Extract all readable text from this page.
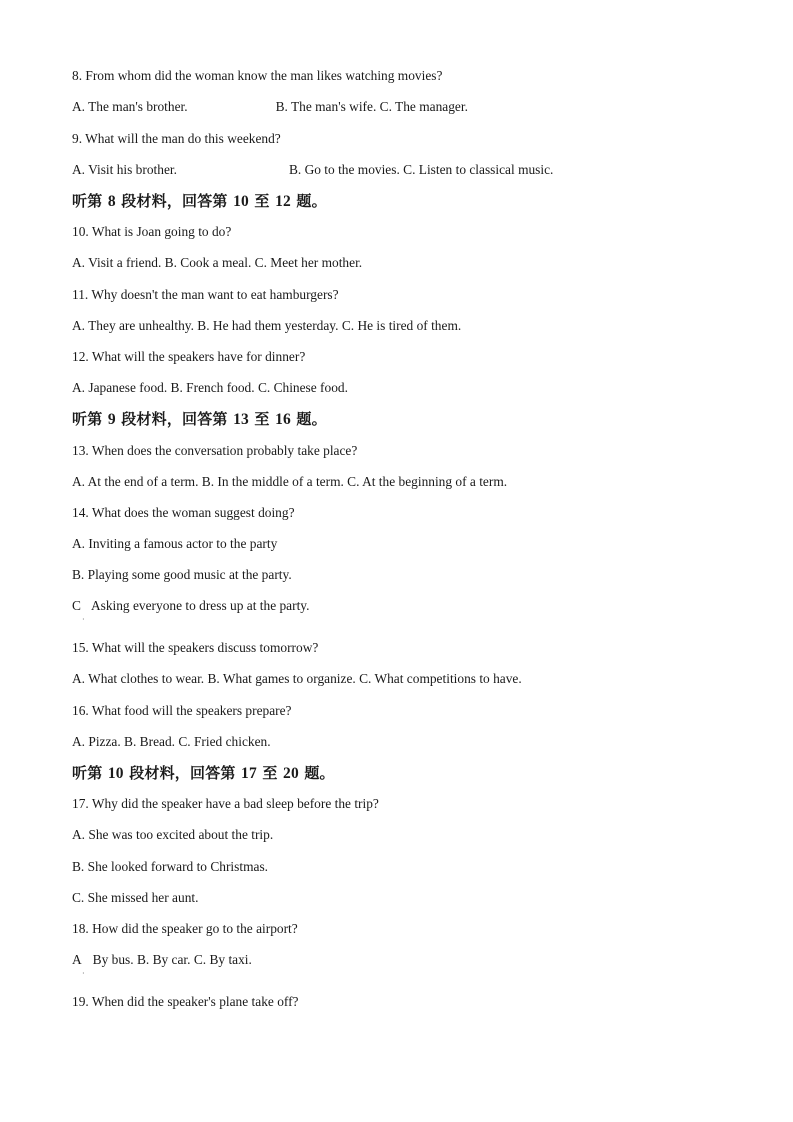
8. From whom did the woman know the man likes watching movies?
A. The man's brother.	B. The man's wife. C. The manager.
9. What will the man do this weekend?
A. Visit his brother.	B. Go to the movies. C. Listen to classical music.
听第 8 段材料，回答第 10 至 12 题。
10. What is Joan going to do?
A. Visit a friend. B. Cook a meal. C. Meet her mother.
11. Why doesn't the man want to eat hamburgers?
A. They are unhealthy. B. He had them yesterday. C. He is tired of them.
12. What will the speakers have for dinner?
A. Japanese food. B. French food. C. Chinese food.
听第 9 段材料，回答第 13 至 16 题。
13. When does the conversation probably take place?
A. At the end of a term. B. In the middle of a term. C. At the beginning of a term.
14. What does the woman suggest doing?
A. Inviting a famous actor to the party
B. Playing some good music at the party.
C Asking everyone to dress up at the party.
·
15. What will the speakers discuss tomorrow?
A. What clothes to wear. B. What games to organize. C. What competitions to have.
16. What food will the speakers prepare?
A. Pizza. B. Bread. C. Fried chicken.
听第 10 段材料，回答第 17 至 20 题。
17. Why did the speaker have a bad sleep before the trip?
A. She was too excited about the trip.
B. She looked forward to Christmas.
C. She missed her aunt.
18. How did the speaker go to the airport?
A By bus. B. By car. C. By taxi.
·
19. When did the speaker's plane take off?
